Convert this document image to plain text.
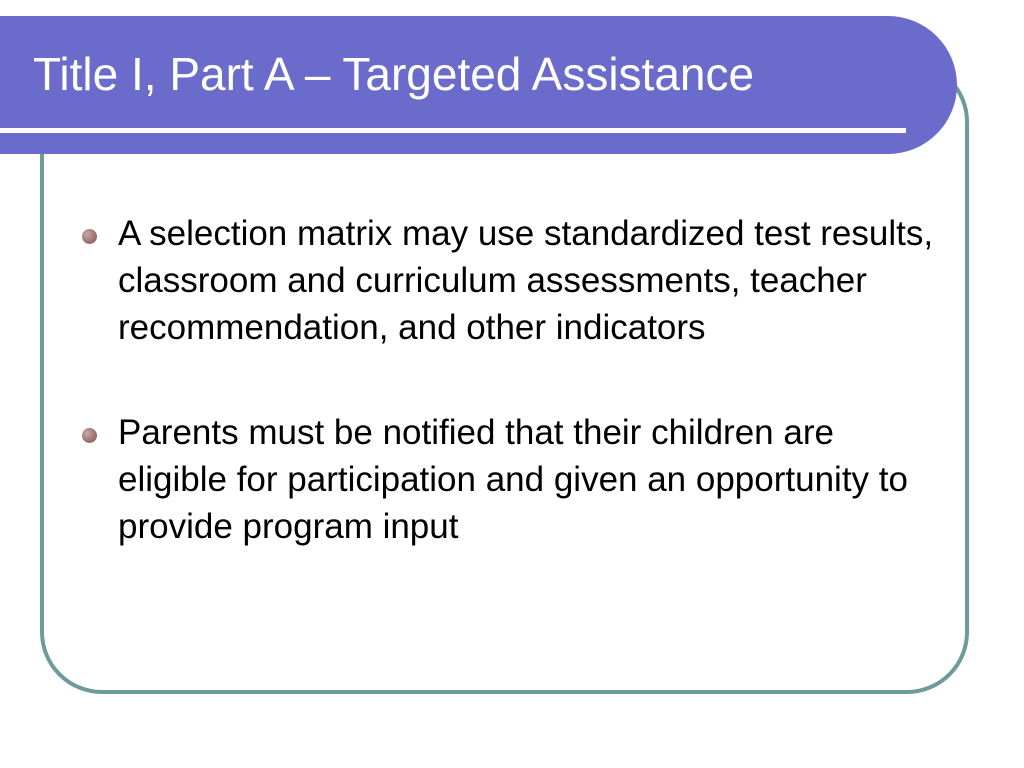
Title I, Part A – Targeted Assistance
A selection matrix may use standardized test results, classroom and curriculum assessments, teacher recommendation, and other indicators
Parents must be notified that their children are eligible for participation and given an opportunity to provide program input
